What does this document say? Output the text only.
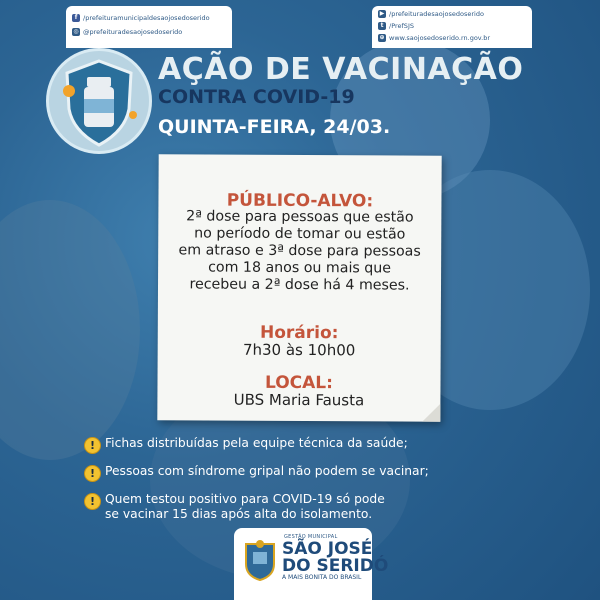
AÇÃO DE VACINAÇÃO
CONTRA COVID-19
QUINTA-FEIRA, 24/03.
PÚBLICO-ALVO:
2ª dose para pessoas que estão
no período de tomar ou estão
em atraso e 3ª dose para pessoas
com 18 anos ou mais que
recebeu a 2ª dose há 4 meses.
Horário:
7h30 às 10h00
LOCAL:
UBS Maria Fausta
! Fichas distribuídas pela equipe técnica da saúde;
! Pessoas com síndrome gripal não podem se vacinar;
! Quem testou positivo para COVID-19 só pode
se vacinar 15 dias após alta do isolamento.
f /prefeituramunicipaldesaojosedoserido
◎ @prefeituradesaojosedoserido
GESTÃO MUNICIPAL
SÃO JOSÉ
DO SERIDÓ
A MAIS BONITA DO BRASIL
▶ /prefeituradesaojosedoserido
t /PrefSJS
⊕ www.saojosedoserido.rn.gov.br
